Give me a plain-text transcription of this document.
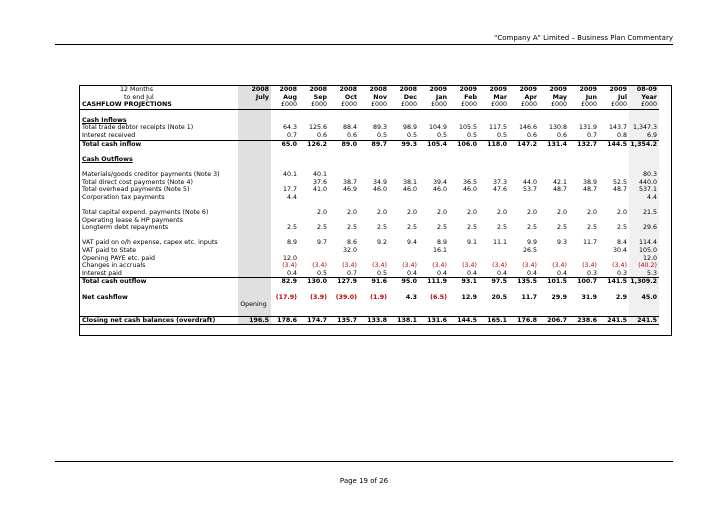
"Company A" Limited – Business Plan Commentary
12 Months	2008	2008	2008	2008	2008	2008	2009	2009	2009	2009	2009	2009	2009	08-09
to end Jul	July	Aug	Sep	Oct	Nov	Dec	Jan	Feb	Mar	Apr	May	Jun	Jul	Year
CASHFLOW PROJECTIONS		£000	£000	£000	£000	£000	£000	£000	£000	£000	£000	£000	£000	£000

Cash Inflows														
Total trade debtor receipts (Note 1)		64.3	125.6	88.4	89.3	98.9	104.9	105.5	117.5	146.6	130.8	131.9	143.7	1,347.3
Interest received		0.7	0.6	0.6	0.5	0.5	0.5	0.5	0.5	0.6	0.6	0.7	0.8	6.9
Total cash inflow		65.0	126.2	89.0	89.7	99.3	105.4	106.0	118.0	147.2	131.4	132.7	144.5	1,354.2

Cash Outflows														

Materials/goods creditor payments (Note 3)		40.1	40.1											80.3
Total direct cost payments (Note 4)			37.6	38.7	34.9	38.1	39.4	36.5	37.3	44.0	42.1	38.9	52.5	440.0
Total overhead payments (Note 5)		17.7	41.0	46.9	46.0	46.0	46.0	46.0	47.6	53.7	48.7	48.7	48.7	537.1
Corporation tax payments		4.4												4.4

Total capital expend. payments (Note 6)			2.0	2.0	2.0	2.0	2.0	2.0	2.0	2.0	2.0	2.0	2.0	21.5
Operating lease & HP payments														
Longterm debt repayments		2.5	2.5	2.5	2.5	2.5	2.5	2.5	2.5	2.5	2.5	2.5	2.5	29.6

VAT paid on o/h expense, capex etc. inputs		8.9	9.7	8.6	9.2	9.4	8.9	9.1	11.1	9.9	9.3	11.7	8.4	114.4
VAT paid to State				32.0			16.1			26.5			30.4	105.0
Opening PAYE etc. paid		12.0												12.0
Changes in accruals		(3.4)	(3.4)	(3.4)	(3.4)	(3.4)	(3.4)	(3.4)	(3.4)	(3.4)	(3.4)	(3.4)	(3.4)	(40.2)
Interest paid		0.4	0.5	0.7	0.5	0.4	0.4	0.4	0.4	0.4	0.4	0.3	0.3	5.3
Total cash outflow		82.9	130.0	127.9	91.6	95.0	111.9	93.1	97.5	135.5	101.5	100.7	141.5	1,309.2

Net cashflow		(17.9)	(3.9)	(39.0)	(1.9)	4.3	(6.5)	12.9	20.5	11.7	29.9	31.9	2.9	45.0
	Opening													

Closing net cash balances (overdraft)	196.5	178.6	174.7	135.7	133.8	138.1	131.6	144.5	165.1	176.8	206.7	238.6	241.5	241.5
Page 19 of 26
